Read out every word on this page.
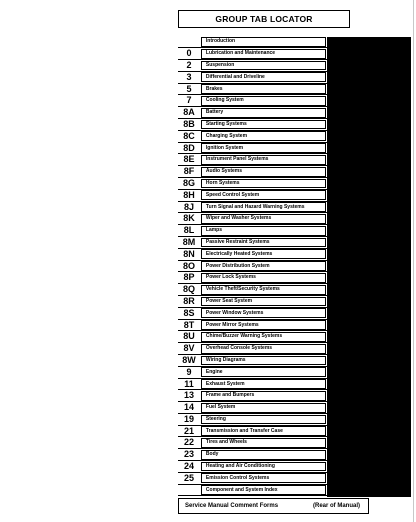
GROUP TAB LOCATOR
Introduction
0	Lubrication and Maintenance
2	Suspension
3	Differential and Driveline
5	Brakes
7	Cooling System
8A	Battery
8B	Starting Systems
8C	Charging System
8D	Ignition System
8E	Instrument Panel Systems
8F	Audio Systems
8G	Horn Systems
8H	Speed Control System
8J	Turn Signal and Hazard Warning Systems
8K	Wiper and Washer Systems
8L	Lamps
8M	Passive Restraint Systems
8N	Electrically Heated Systems
8O	Power Distribution System
8P	Power Lock Systems
8Q	Vehicle Theft/Security Systems
8R	Power Seat System
8S	Power Window Systems
8T	Power Mirror Systems
8U	Chime/Buzzer Warning Systems
8V	Overhead Console Systems
8W	Wiring Diagrams
9	Engine
11	Exhaust System
13	Frame and Bumpers
14	Fuel System
19	Steering
21	Transmission and Transfer Case
22	Tires and Wheels
23	Body
24	Heating and Air Conditioning
25	Emission Control Systems
Component and System Index
Service Manual Comment Forms	(Rear of Manual)
